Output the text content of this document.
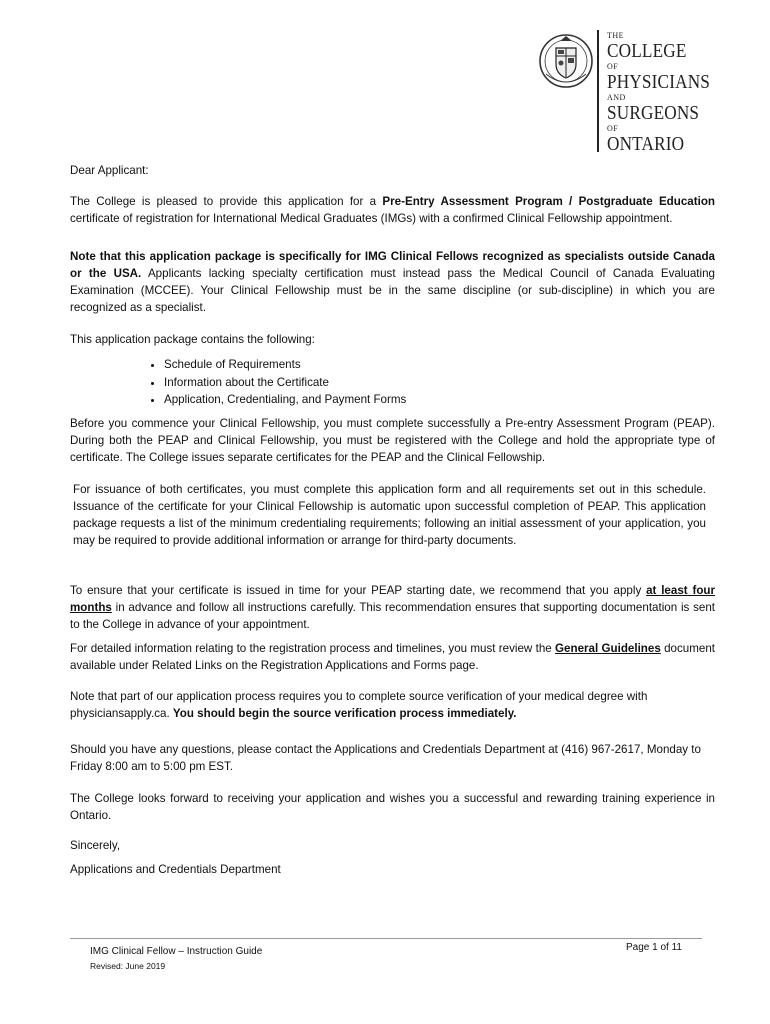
THE
COLLEGE
OF
PHYSICIANS
AND
SURGEONS
OF
ONTARIO
Dear Applicant:
The College is pleased to provide this application for a Pre-Entry Assessment Program / Postgraduate Education certificate of registration for International Medical Graduates (IMGs) with a confirmed Clinical Fellowship appointment.
Note that this application package is specifically for IMG Clinical Fellows recognized as specialists outside Canada or the USA. Applicants lacking specialty certification must instead pass the Medical Council of Canada Evaluating Examination (MCCEE). Your Clinical Fellowship must be in the same discipline (or sub-discipline) in which you are recognized as a specialist.
This application package contains the following:
• Schedule of Requirements
• Information about the Certificate
• Application, Credentialing, and Payment Forms
Before you commence your Clinical Fellowship, you must complete successfully a Pre-entry Assessment Program (PEAP). During both the PEAP and Clinical Fellowship, you must be registered with the College and hold the appropriate type of certificate. The College issues separate certificates for the PEAP and the Clinical Fellowship.
For issuance of both certificates, you must complete this application form and all requirements set out in this schedule. Issuance of the certificate for your Clinical Fellowship is automatic upon successful completion of PEAP. This application package requests a list of the minimum credentialing requirements; following an initial assessment of your application, you may be required to provide additional information or arrange for third-party documents.
To ensure that your certificate is issued in time for your PEAP starting date, we recommend that you apply at least four months in advance and follow all instructions carefully. This recommendation ensures that supporting documentation is sent to the College in advance of your appointment.
For detailed information relating to the registration process and timelines, you must review the General Guidelines document available under Related Links on the Registration Applications and Forms page.
Note that part of our application process requires you to complete source verification of your medical degree with physiciansapply.ca. You should begin the source verification process immediately.
Should you have any questions, please contact the Applications and Credentials Department at (416) 967-2617, Monday to Friday 8:00 am to 5:00 pm EST.
The College looks forward to receiving your application and wishes you a successful and rewarding training experience in Ontario.
Sincerely,
Applications and Credentials Department
IMG Clinical Fellow – Instruction Guide
Revised: June 2019
Page 1 of 11
